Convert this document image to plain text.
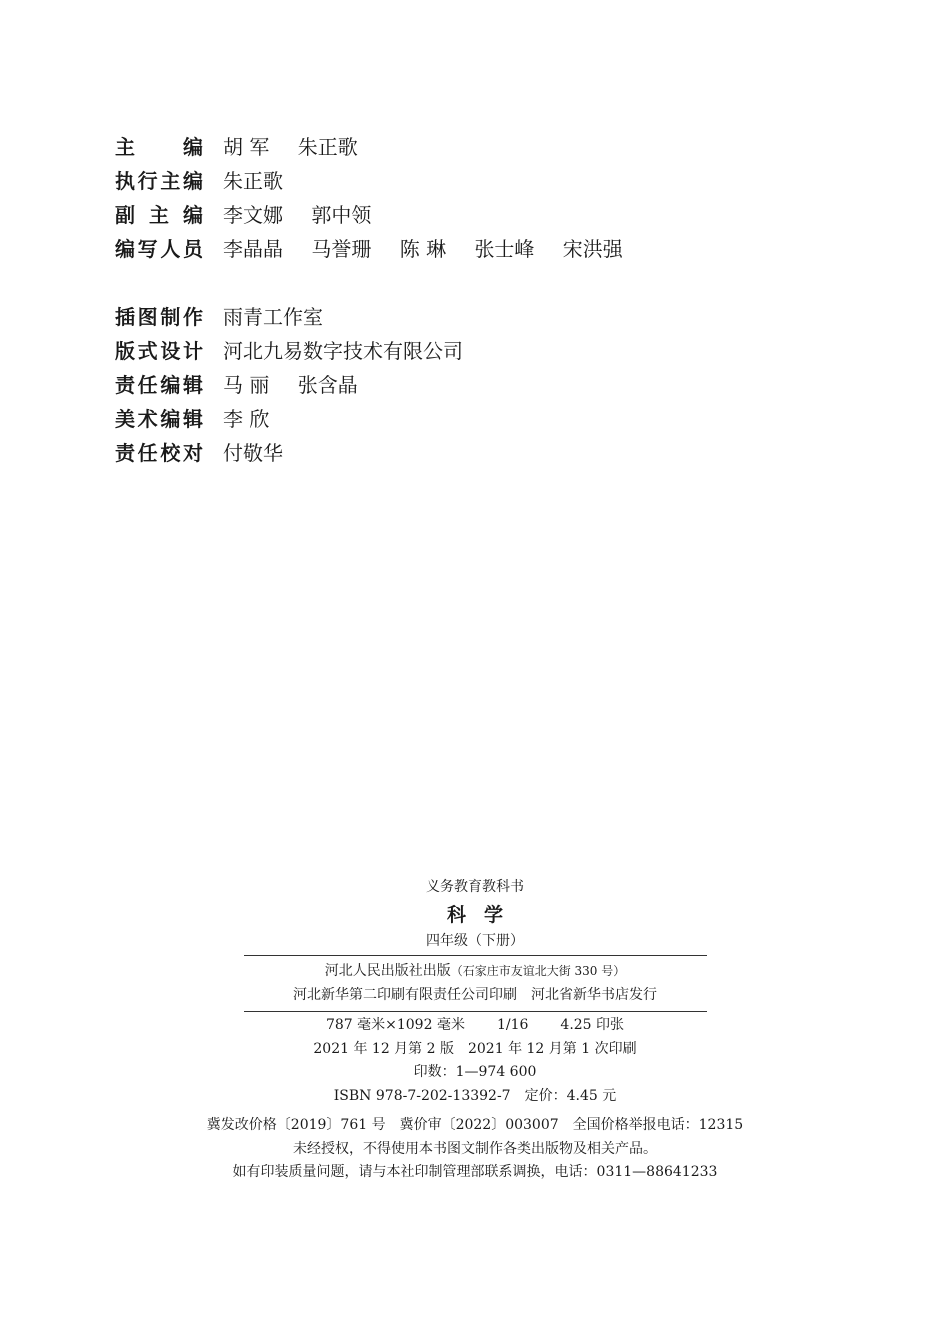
主 编 胡 军 朱正歌
执 行 主 编 朱正歌
副 主 编 李文娜 郭中领
编 写 人 员 李晶晶 马誉珊 陈 琳 张士峰 宋洪强
插 图 制 作 雨青工作室
版 式 设 计 河北九易数字技术有限公司
责 任 编 辑 马 丽 张含晶
美 术 编 辑 李 欣
责 任 校 对 付敬华
义务教育教科书
科学
四年级（下册）
河北人民出版社出版（石家庄市友谊北大街 330 号）
河北新华第二印刷有限责任公司印刷　河北省新华书店发行
787 毫米×1092 毫米 1/16 4.25 印张
2021 年 12 月第 2 版　2021 年 12 月第 1 次印刷
印数：1—974 600
ISBN 978-7-202-13392-7　定价：4.45 元
冀发改价格〔2019〕761 号　冀价审〔2022〕003007　全国价格举报电话：12315
未经授权，不得使用本书图文制作各类出版物及相关产品。
如有印装质量问题，请与本社印制管理部联系调换，电话：0311—88641233
